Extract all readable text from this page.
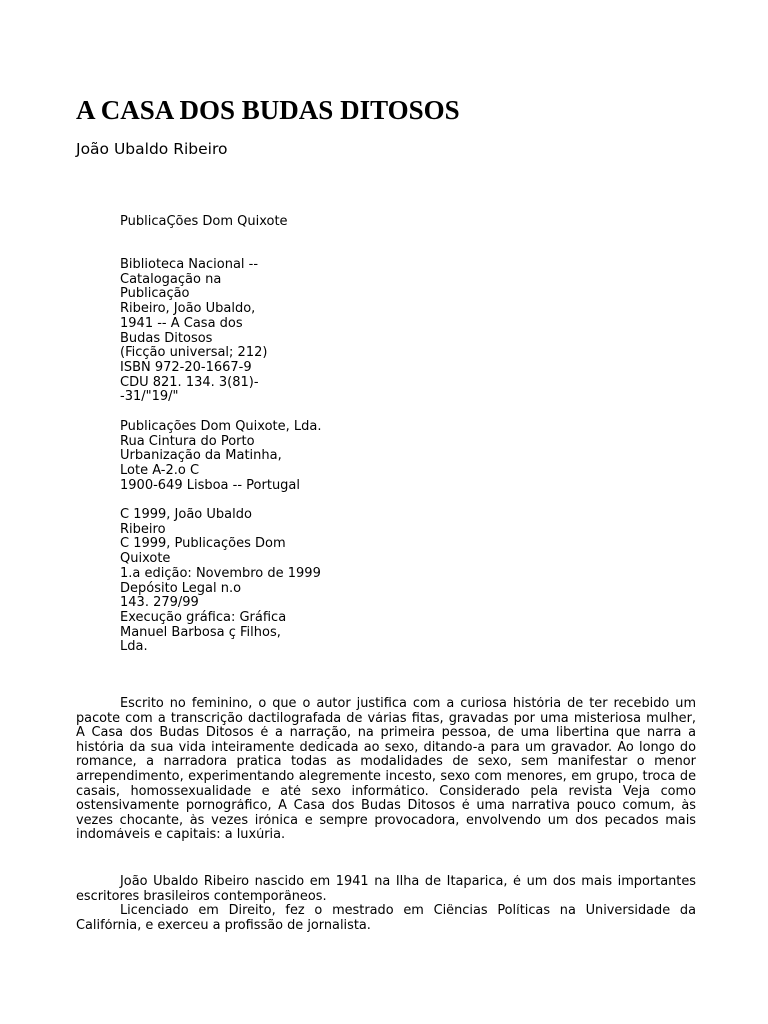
A CASA DOS BUDAS DITOSOS

João Ubaldo Ribeiro

PublicaÇões Dom Quixote

Biblioteca Nacional --
Catalogação na
Publicação
Ribeiro, João Ubaldo,
1941 -- A Casa dos
Budas Ditosos
(Ficção universal; 212)
ISBN 972-20-1667-9
CDU 821. 134. 3(81)-
-31/"19/"
Publicações Dom Quixote, Lda.
Rua Cintura do Porto
Urbanização da Matinha,
Lote A-2.o C
1900-649 Lisboa -- Portugal
C 1999, João Ubaldo
Ribeiro
C 1999, Publicações Dom
Quixote
1.a edição: Novembro de 1999
Depósito Legal n.o
143. 279/99
Execução gráfica: Gráfica
Manuel Barbosa ç Filhos,
Lda.
Escrito no feminino, o que o autor justifica com a curiosa história de ter recebido um
pacote com a transcrição dactilografada de várias fitas, gravadas por uma misteriosa mulher,
A Casa dos Budas Ditosos é a narração, na primeira pessoa, de uma libertina que narra a
história da sua vida inteiramente dedicada ao sexo, ditando-a para um gravador. Ao longo do
romance, a narradora pratica todas as modalidades de sexo, sem manifestar o menor
arrependimento, experimentando alegremente incesto, sexo com menores, em grupo, troca de
casais, homossexualidade e até sexo informático. Considerado pela revista Veja como
ostensivamente pornográfico, A Casa dos Budas Ditosos é uma narrativa pouco comum, às
vezes chocante, às vezes irónica e sempre provocadora, envolvendo um dos pecados mais
indomáveis e capitais: a luxúria.
João Ubaldo Ribeiro nascido em 1941 na Ilha de Itaparica, é um dos mais importantes
escritores brasileiros contemporâneos.
Licenciado em Direito, fez o mestrado em Ciências Políticas na Universidade da
Califórnia, e exerceu a profissão de jornalista.
